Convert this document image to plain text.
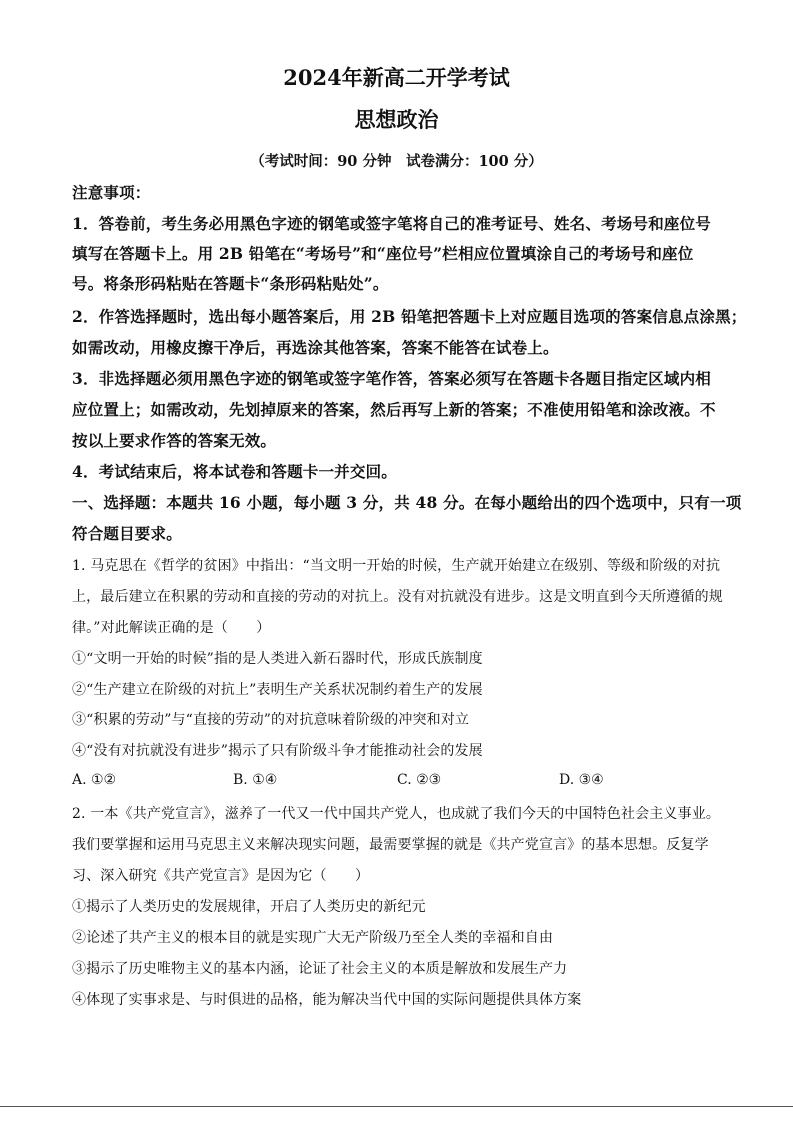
2024年新高二开学考试
思想政治
（考试时间：90 分钟　试卷满分：100 分）
注意事项：
1．答卷前，考生务必用黑色字迹的钢笔或签字笔将自己的准考证号、姓名、考场号和座位号
填写在答题卡上。用 2B 铅笔在“考场号”和“座位号”栏相应位置填涂自己的考场号和座位
号。将条形码粘贴在答题卡“条形码粘贴处”。
2．作答选择题时，选出每小题答案后，用 2B 铅笔把答题卡上对应题目选项的答案信息点涂黑；
如需改动，用橡皮擦干净后，再选涂其他答案，答案不能答在试卷上。
3．非选择题必须用黑色字迹的钢笔或签字笔作答，答案必须写在答题卡各题目指定区域内相
应位置上；如需改动，先划掉原来的答案，然后再写上新的答案；不准使用铅笔和涂改液。不
按以上要求作答的答案无效。
4．考试结束后，将本试卷和答题卡一并交回。
一、选择题：本题共 16 小题，每小题 3 分，共 48 分。在每小题给出的四个选项中，只有一项
符合题目要求。
1. 马克思在《哲学的贫困》中指出：“当文明一开始的时候，生产就开始建立在级别、等级和阶级的对抗
上，最后建立在积累的劳动和直接的劳动的对抗上。没有对抗就没有进步。这是文明直到今天所遵循的规
律。”对此解读正确的是（　　）
①“文明一开始的时候”指的是人类进入新石器时代，形成氏族制度
②“生产建立在阶级的对抗上”表明生产关系状况制约着生产的发展
③“积累的劳动”与“直接的劳动”的对抗意味着阶级的冲突和对立
④“没有对抗就没有进步”揭示了只有阶级斗争才能推动社会的发展
A. ①②	B. ①④	C. ②③	D. ③④
2. 一本《共产党宣言》，滋养了一代又一代中国共产党人，也成就了我们今天的中国特色社会主义事业。
我们要掌握和运用马克思主义来解决现实问题，最需要掌握的就是《共产党宣言》的基本思想。反复学
习、深入研究《共产党宣言》是因为它（　　）
①揭示了人类历史的发展规律，开启了人类历史的新纪元
②论述了共产主义的根本目的就是实现广大无产阶级乃至全人类的幸福和自由
③揭示了历史唯物主义的基本内涵，论证了社会主义的本质是解放和发展生产力
④体现了实事求是、与时俱进的品格，能为解决当代中国的实际问题提供具体方案
